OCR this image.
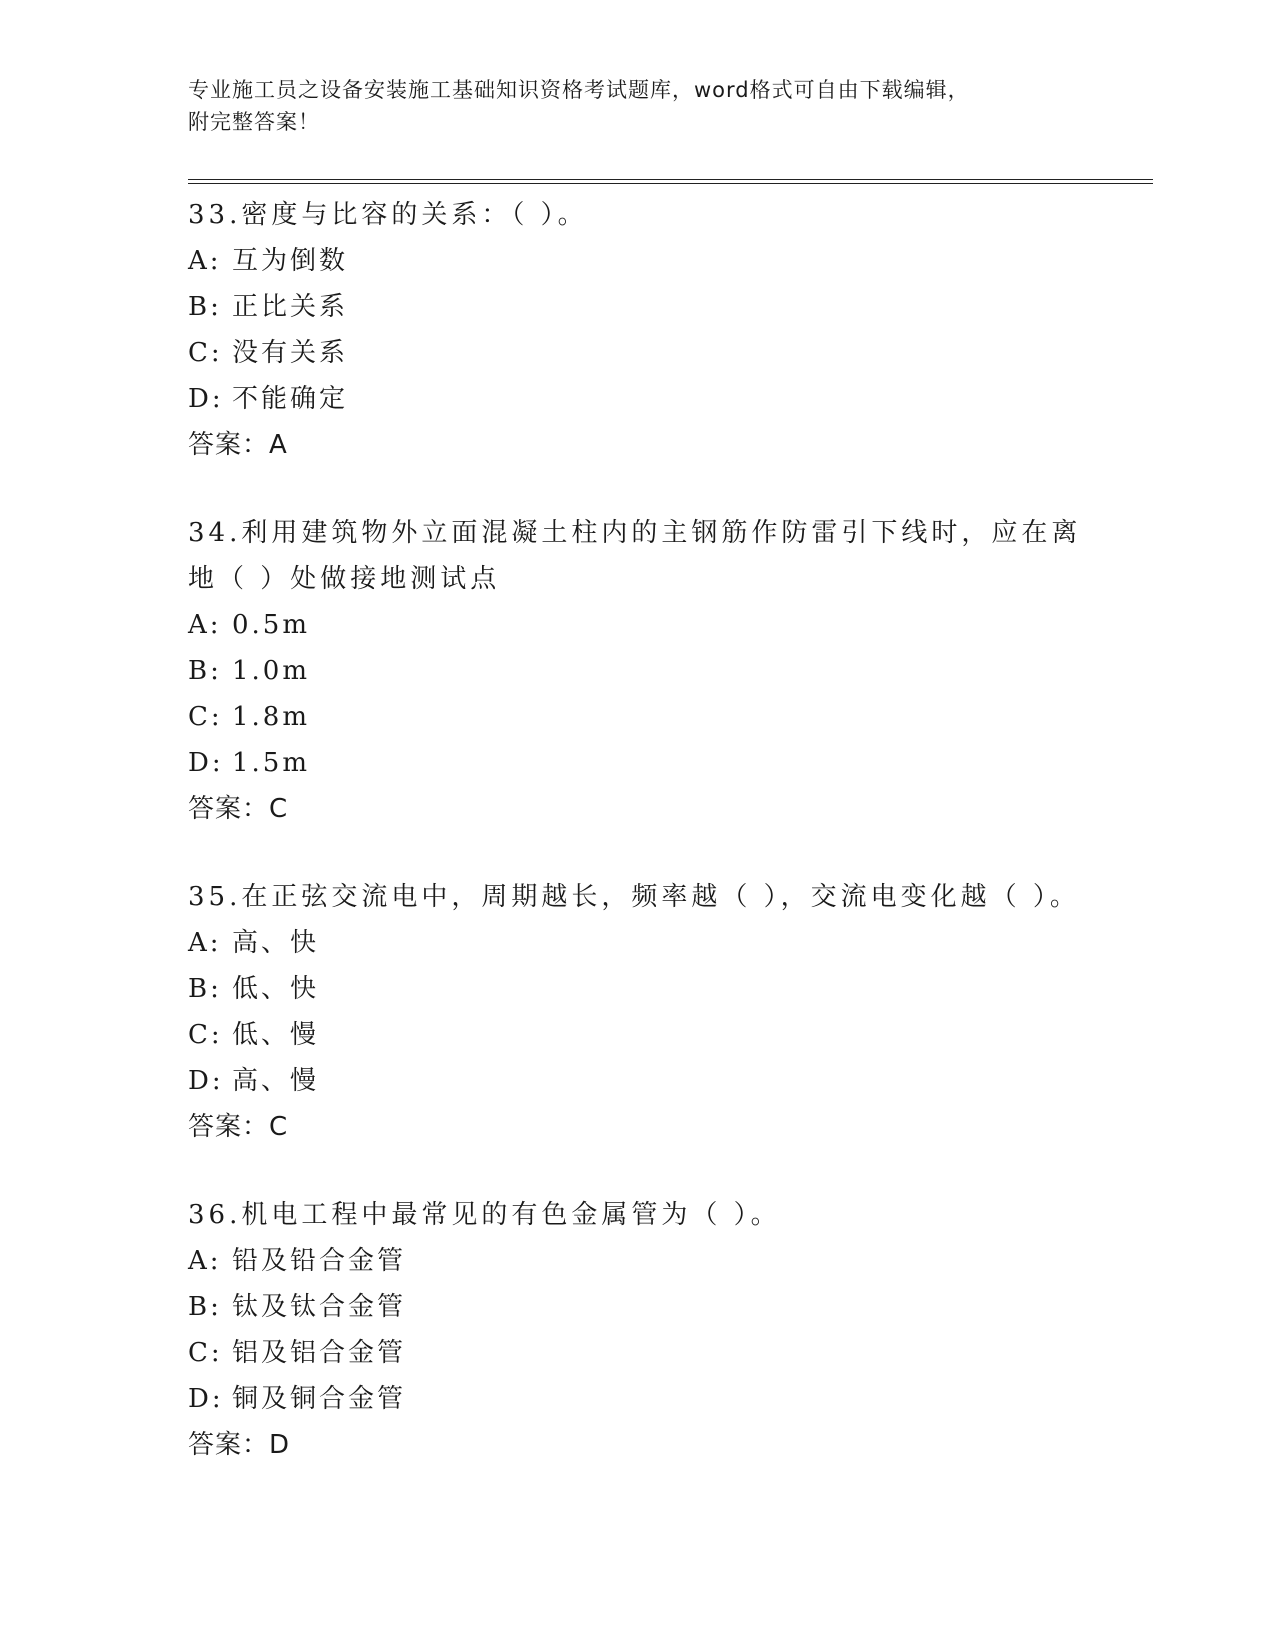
专业施工员之设备安装施工基础知识资格考试题库，word格式可自由下载编辑，
附完整答案！
33.密度与比容的关系：（ ）。
A: 互为倒数
B: 正比关系
C: 没有关系
D: 不能确定
答案：A
34.利用建筑物外立面混凝土柱内的主钢筋作防雷引下线时，应在离地（ ）处做接地测试点
A: 0.5m
B: 1.0m
C: 1.8m
D: 1.5m
答案：C
35.在正弦交流电中，周期越长，频率越（ ），交流电变化越（ ）。
A: 高、快
B: 低、快
C: 低、慢
D: 高、慢
答案：C
36.机电工程中最常见的有色金属管为（ ）。
A: 铅及铅合金管
B: 钛及钛合金管
C: 铝及铝合金管
D: 铜及铜合金管
答案：D
